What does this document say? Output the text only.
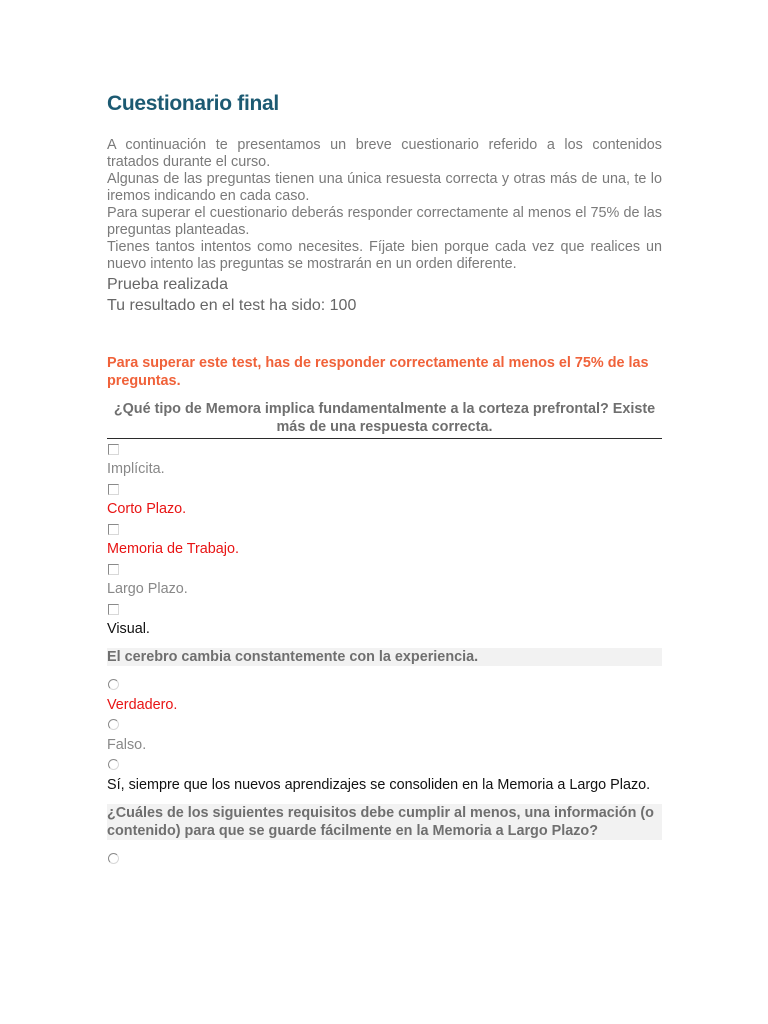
Cuestionario final

A continuación te presentamos un breve cuestionario referido a los contenidos tratados durante el curso.

Algunas de las preguntas tienen una única resuesta correcta y otras más de una, te lo iremos indicando en cada caso.

Para superar el cuestionario deberás responder correctamente al menos el 75% de las preguntas planteadas.

Tienes tantos intentos como necesites. Fíjate bien porque cada vez que realices un nuevo intento las preguntas se mostrarán en un orden diferente.

Prueba realizada

Tu resultado en el test ha sido: 100

Para superar este test, has de responder correctamente al menos el 75% de las preguntas.

¿Qué tipo de Memora implica fundamentalmente a la corteza prefrontal? Existe más de una respuesta correcta.

Implícita.

Corto Plazo.

Memoria de Trabajo.

Largo Plazo.

Visual.

El cerebro cambia constantemente con la experiencia.

Verdadero.

Falso.

Sí, siempre que los nuevos aprendizajes se consoliden en la Memoria a Largo Plazo.

¿Cuáles de los siguientes requisitos debe cumplir al menos, una información (o contenido) para que se guarde fácilmente en la Memoria a Largo Plazo?
